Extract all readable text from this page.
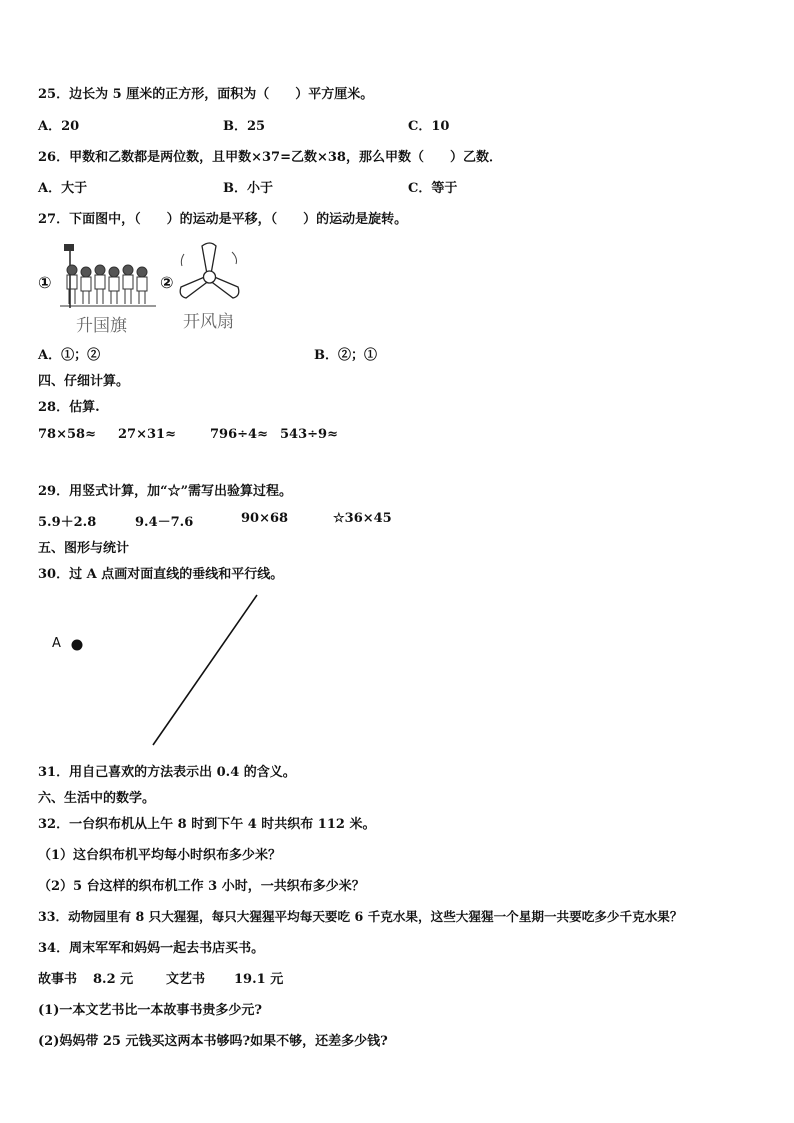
25．边长为 5 厘米的正方形，面积为（　　）平方厘米。
A．20	B．25	C．10
26．甲数和乙数都是两位数，且甲数×37=乙数×38，那么甲数（　　）乙数．
A．大于	B．小于	C．等于
27．下面图中，（　　）的运动是平移，（　　）的运动是旋转。
①
升国旗
②
开风扇
A．①；②	B．②；①
四、仔细计算。
28．估算.
78×58≈ 27×31≈	796÷4≈ 543÷9≈
29．用竖式计算，加“☆”需写出验算过程。
5.9＋2.8	9.4－7.6	90×68	☆36×45
五、图形与统计
30．过 A 点画对面直线的垂线和平行线。
A
31．用自己喜欢的方法表示出 0.4 的含义。
六、生活中的数学。
32．一台织布机从上午 8 时到下午 4 时共织布 112 米。
（1）这台织布机平均每小时织布多少米？
（2）5 台这样的织布机工作 3 小时，一共织布多少米？
33．动物园里有 8 只大猩猩，每只大猩猩平均每天要吃 6 千克水果，这些大猩猩一个星期一共要吃多少千克水果？
34．周末军军和妈妈一起去书店买书。
故事书 8.2 元	文艺书 19.1 元
(1)一本文艺书比一本故事书贵多少元?
(2)妈妈带 25 元钱买这两本书够吗?如果不够，还差多少钱?
